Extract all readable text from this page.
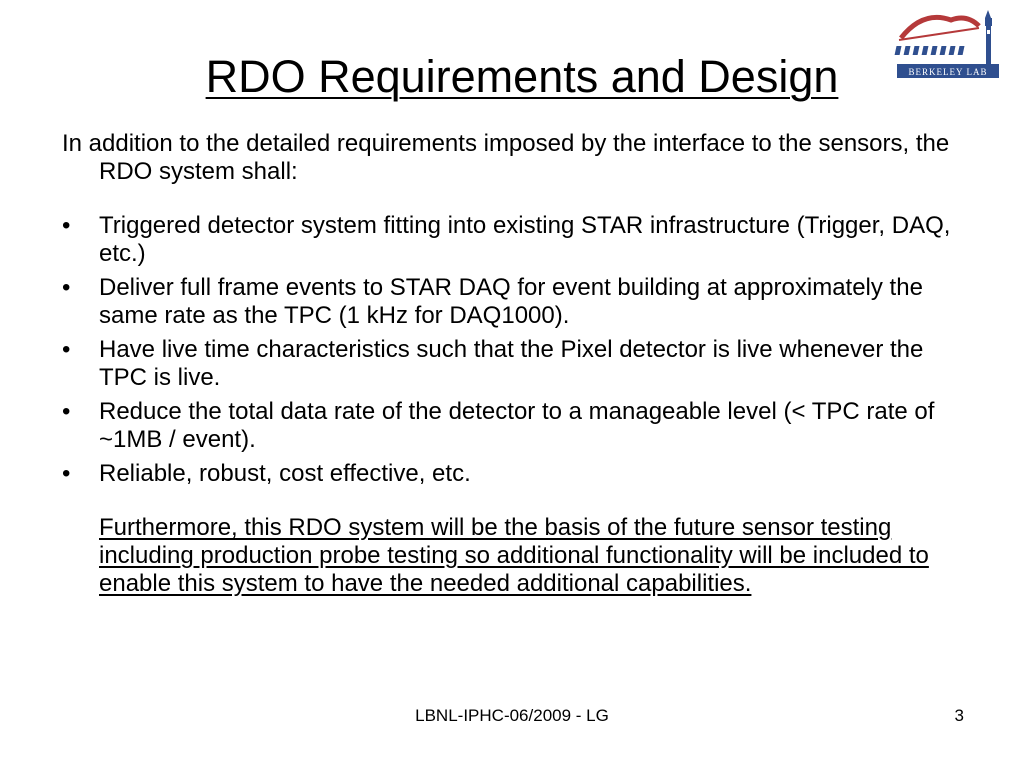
RDO Requirements and Design	BERKELEY LAB

In addition to the detailed requirements imposed by the interface to the sensors, the RDO system shall:

• Triggered detector system fitting into existing STAR infrastructure (Trigger, DAQ, etc.)
• Deliver full frame events to STAR DAQ for event building at approximately the same rate as the TPC (1 kHz for DAQ1000).
• Have live time characteristics such that the Pixel detector is live whenever the TPC is live.
• Reduce the total data rate of the detector to a manageable level (< TPC rate of ~1MB / event).
• Reliable, robust, cost effective, etc.

Furthermore, this RDO system will be the basis of the future sensor testing including production probe testing so additional functionality will be included to enable this system to have the needed additional capabilities.

LBNL-IPHC-06/2009 - LG	3
